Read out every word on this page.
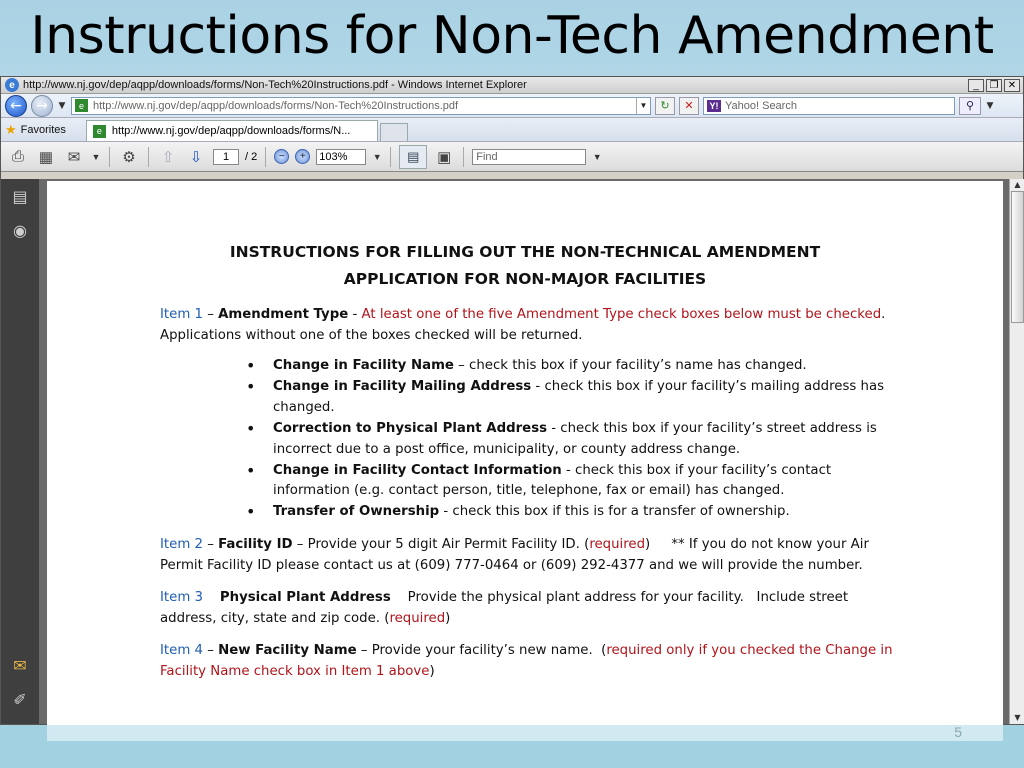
Instructions for Non-Tech Amendment
e http://www.nj.gov/dep/aqpp/downloads/forms/Non-Tech%20Instructions.pdf - Windows Internet Explorer	_	❐ ✕
←	→	▼	e http://www.nj.gov/dep/aqpp/downloads/forms/Non-Tech%20Instructions.pdf	▼	↻	✕	Y! Yahoo! Search	⚲	▼
★ Favorites	e http://www.nj.gov/dep/aqpp/downloads/forms/N...
⎙ ▦ ✉	▼ ⚙	⇧	⇩	1	/ 2	−	+	103%	▼	▤	▣	Find	▼
▤
◉
✉
✐
INSTRUCTIONS FOR FILLING OUT THE NON-TECHNICAL AMENDMENT
APPLICATION FOR NON-MAJOR FACILITIES
Item 1 – Amendment Type - At least one of the five Amendment Type check boxes below must be checked.    Applications without one of the boxes checked will be returned.
• Change in Facility Name – check this box if your facility’s name has changed.
• Change in Facility Mailing Address - check this box if your facility’s mailing address has changed.
• Correction to Physical Plant Address - check this box if your facility’s street address is incorrect due to a post office, municipality, or county address change.
• Change in Facility Contact Information - check this box if your facility’s contact information (e.g. contact person, title, telephone, fax or email) has changed.
• Transfer of Ownership - check this box if this is for a transfer of ownership.
Item 2 – Facility ID – Provide your 5 digit Air Permit Facility ID. (required)     ** If you do not know your Air Permit Facility ID please contact us at (609) 777-0464 or (609) 292-4377 and we will provide the number.
Item 3 Physical Plant Address    Provide the physical plant address for your facility.   Include street address, city, state and zip code. (required)
Item 4 – New Facility Name – Provide your facility’s new name.  (required only if you checked the Change in Facility Name check box in Item 1 above)
▲
▼
5
